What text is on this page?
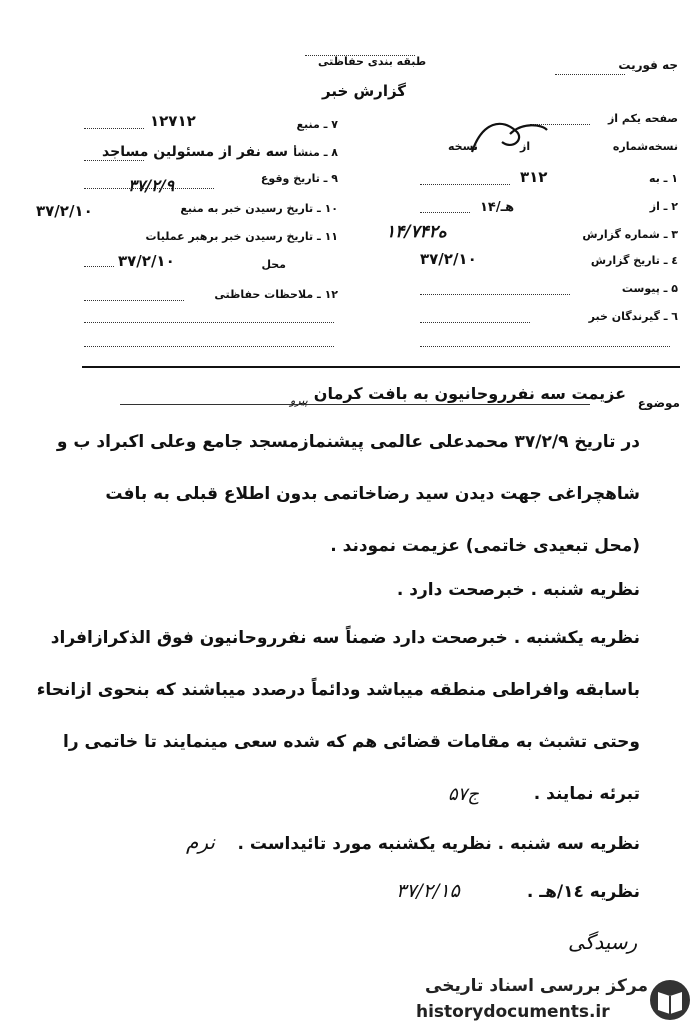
جه فوریت
طبقه بندی حفاظتی
گزارش خبر
۷ ـ منبع
۱۲۷۱۲
۸ ـ منشأ
سه نفر از مسئولین مساجد
۹ ـ تاریخ وقوع
۳۷/۲/۹
۱۰ ـ تاریخ رسیدن خبر به منبع
۳۷/۲/۱۰
۱۱ ـ تاریخ رسیدن خبر برهبر عملیات
محل
۳۷/۲/۱۰
۱۲ ـ ملاحظات حفاظتی
صفحه یکم از
نسخه‌شماره
از
نسخه
۱ ـ به
۳۱۲
۲ ـ از
۱۴/هـ
۳ ـ شماره گزارش
۱۴/۷۴۲ه
٤ ـ تاریخ گزارش
۳۷/۲/۱۰
۵ ـ پیوست
٦ ـ گیرندگان خبر
موضوع
عزیمت سه نفرروحانیون به بافت کرمان
پیرو
در تاریخ ۳۷/۲/۹ محمدعلی عالمی پیشنمازمسجد جامع وعلی اکبراد ب و
شاهچراغی جهت دیدن سید رضاخاتمی بدون اطلاع قبلی به بافت
(محل تبعیدی خاتمی) عزیمت نمودند .
نظریه شنبه . خبرصحت دارد .
نظریه یکشنبه . خبرصحت دارد ضمناً سه نفرروحانیون فوق الذکرازافراد
باسابقه وافراطی منطقه میباشد ودائماً درصدد میباشند که بنحوی ازانحاء
وحتی تشبث به مقامات قضائی هم که شده سعی مینمایند تا خاتمی را
تبرئه نمایند .
نظریه سه شنبه . نظریه یکشنبه مورد تائیداست .
نظریه ۱٤/هـ .
۵۷ج
نرم
۳۷/۲/۱۵
رسیدگی
مرکز بررسی اسناد تاریخی
historydocuments.ir
